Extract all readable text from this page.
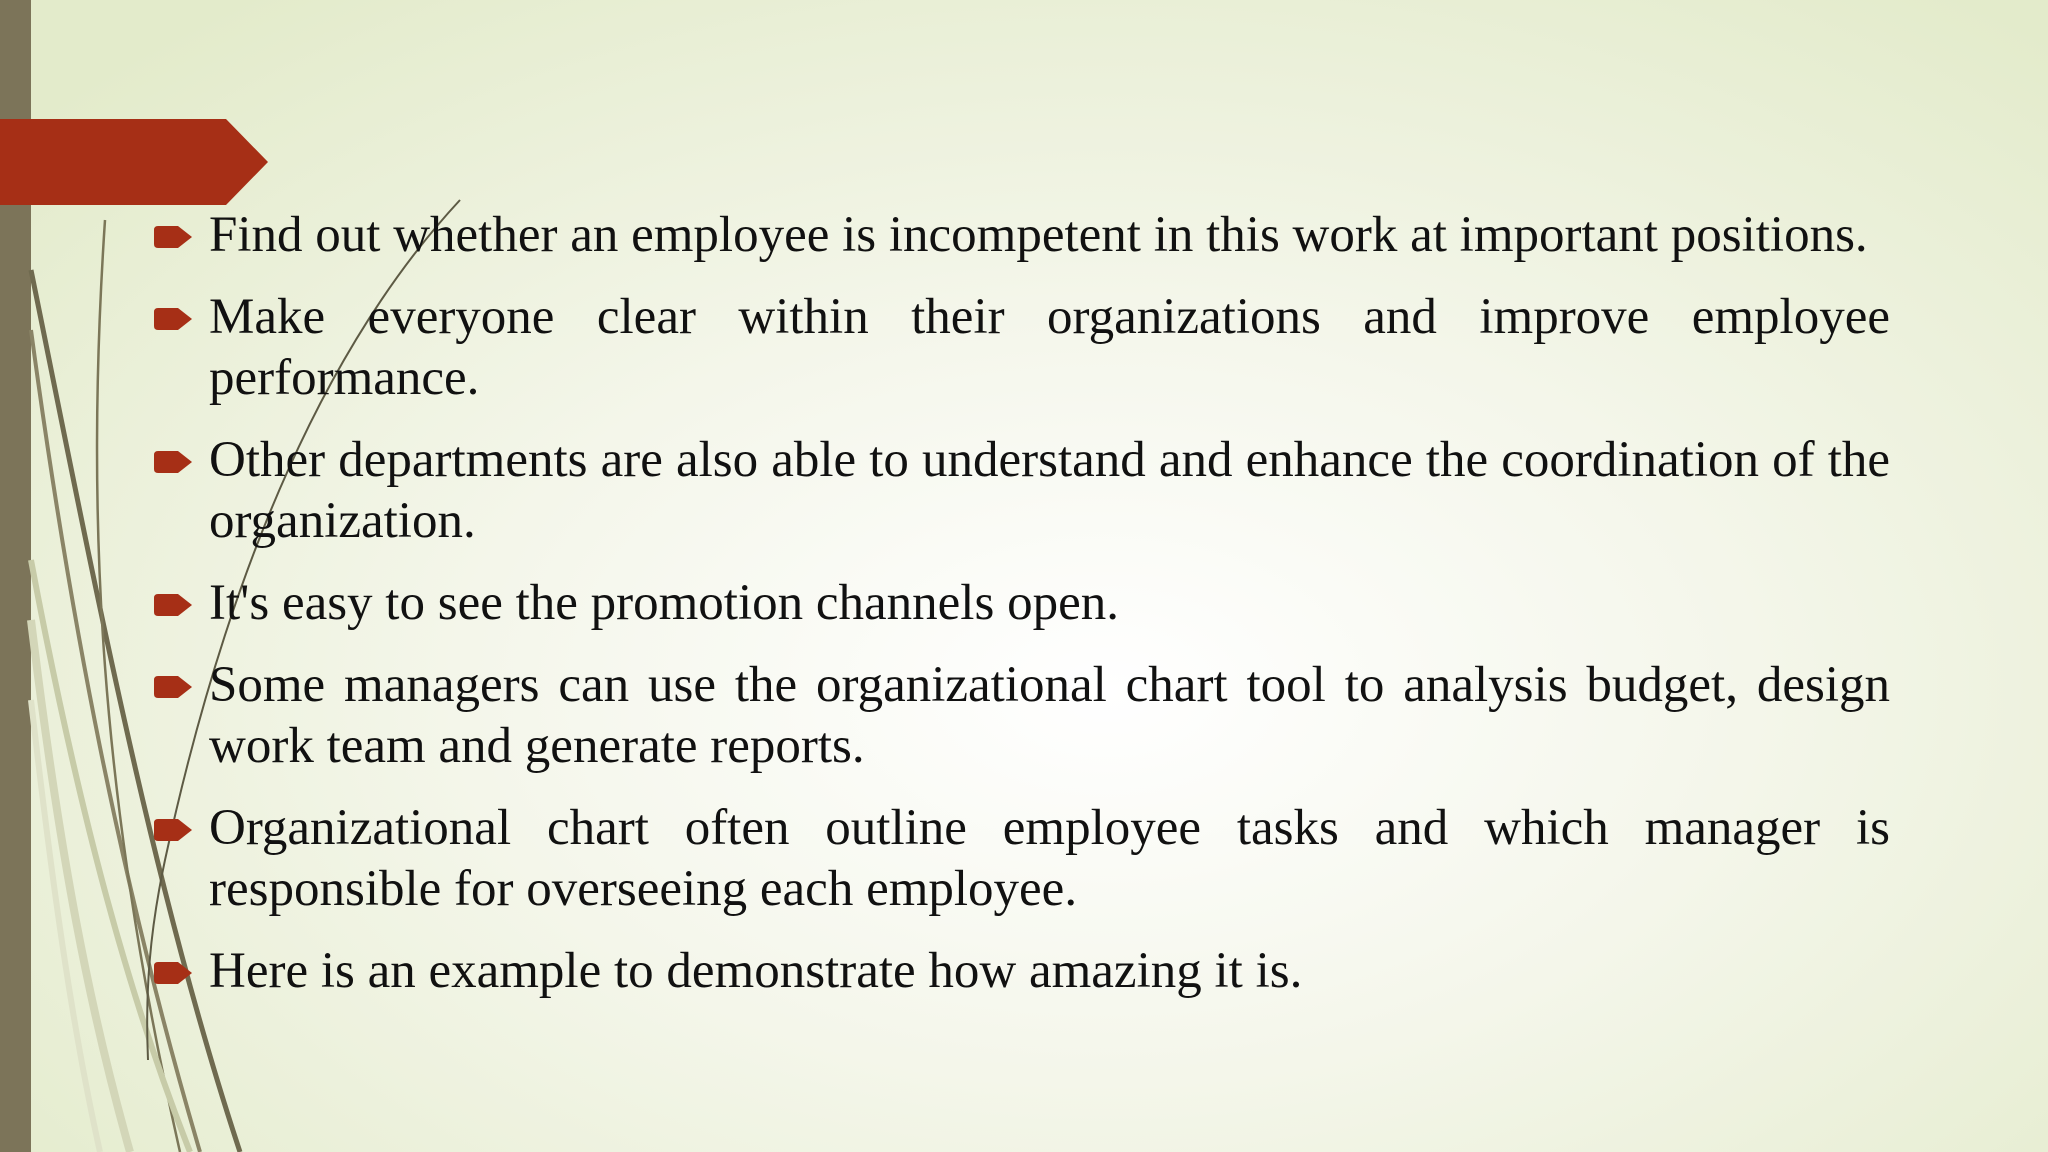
Find out whether an employee is incompetent in this work at important positions.
Make everyone clear within their organizations and improve employee performance.
Other departments are also able to understand and enhance the coordination of the organization.
It's easy to see the promotion channels open.
Some managers can use the organizational chart tool to analysis budget, design work team and generate reports.
Organizational chart often outline employee tasks and which manager is responsible for overseeing each employee.
Here is an example to demonstrate how amazing it is.
